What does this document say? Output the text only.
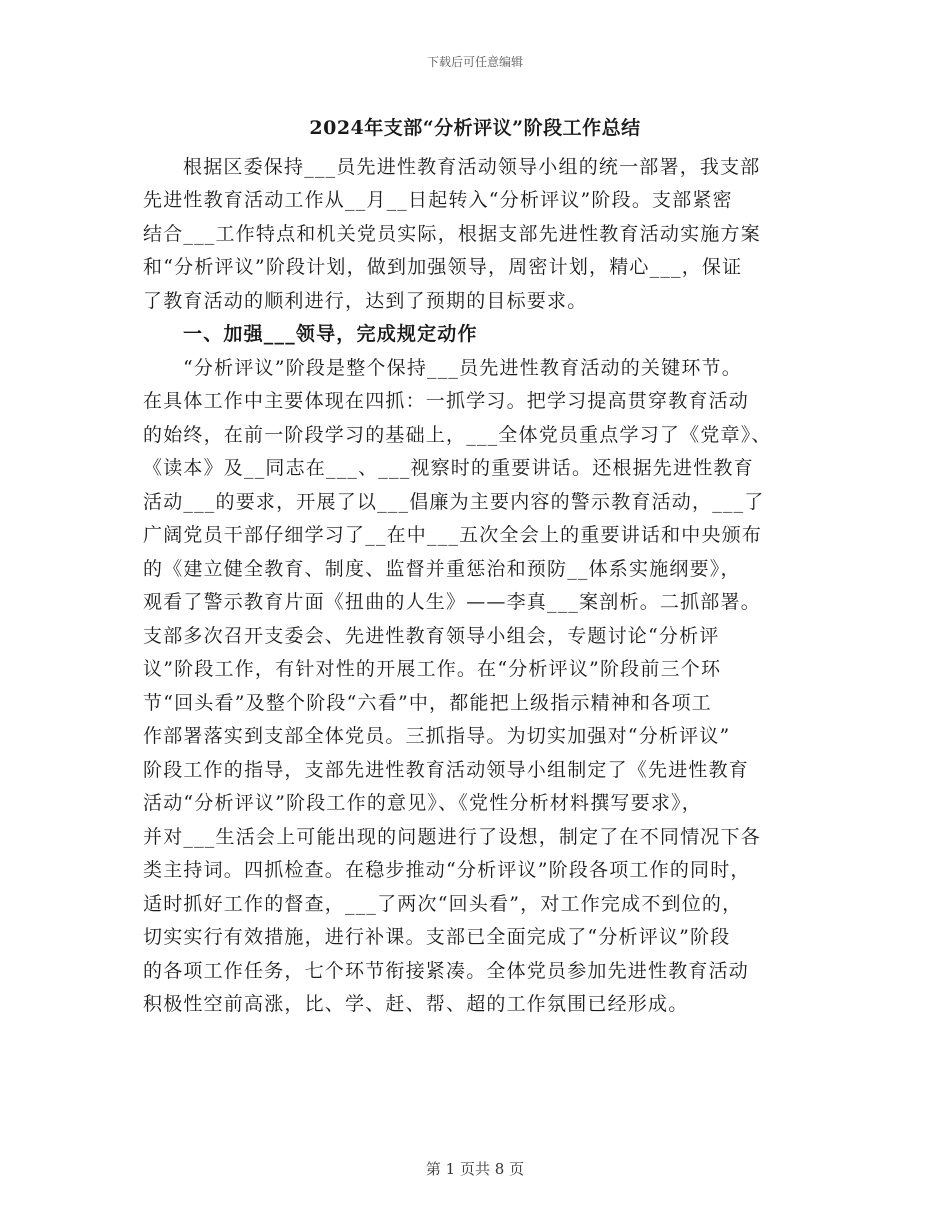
下载后可任意编辑
2024年支部“分析评议”阶段工作总结
根据区委保持___员先进性教育活动领导小组的统一部署，我支部
先进性教育活动工作从__月__日起转入“分析评议”阶段。支部紧密
结合___工作特点和机关党员实际，根据支部先进性教育活动实施方案
和“分析评议”阶段计划，做到加强领导，周密计划，精心___，保证
了教育活动的顺利进行，达到了预期的目标要求。
一、加强___领导，完成规定动作
“分析评议”阶段是整个保持___员先进性教育活动的关键环节。
在具体工作中主要体现在四抓：一抓学习。把学习提高贯穿教育活动
的始终，在前一阶段学习的基础上，___全体党员重点学习了《党章》、
《读本》及__同志在___、___视察时的重要讲话。还根据先进性教育
活动___的要求，开展了以___倡廉为主要内容的警示教育活动，___了
广阔党员干部仔细学习了__在中___五次全会上的重要讲话和中央颁布
的《建立健全教育、制度、监督并重惩治和预防__体系实施纲要》，
观看了警示教育片面《扭曲的人生》——李真___案剖析。二抓部署。
支部多次召开支委会、先进性教育领导小组会，专题讨论“分析评
议”阶段工作，有针对性的开展工作。在“分析评议”阶段前三个环
节“回头看”及整个阶段“六看”中，都能把上级指示精神和各项工
作部署落实到支部全体党员。三抓指导。为切实加强对“分析评议”
阶段工作的指导，支部先进性教育活动领导小组制定了《先进性教育
活动“分析评议”阶段工作的意见》、《党性分析材料撰写要求》，
并对___生活会上可能出现的问题进行了设想，制定了在不同情况下各
类主持词。四抓检查。在稳步推动“分析评议”阶段各项工作的同时，
适时抓好工作的督查，___了两次“回头看”，对工作完成不到位的，
切实实行有效措施，进行补课。支部已全面完成了“分析评议”阶段
的各项工作任务，七个环节衔接紧凑。全体党员参加先进性教育活动
积极性空前高涨，比、学、赶、帮、超的工作氛围已经形成。
第 1 页共 8 页
